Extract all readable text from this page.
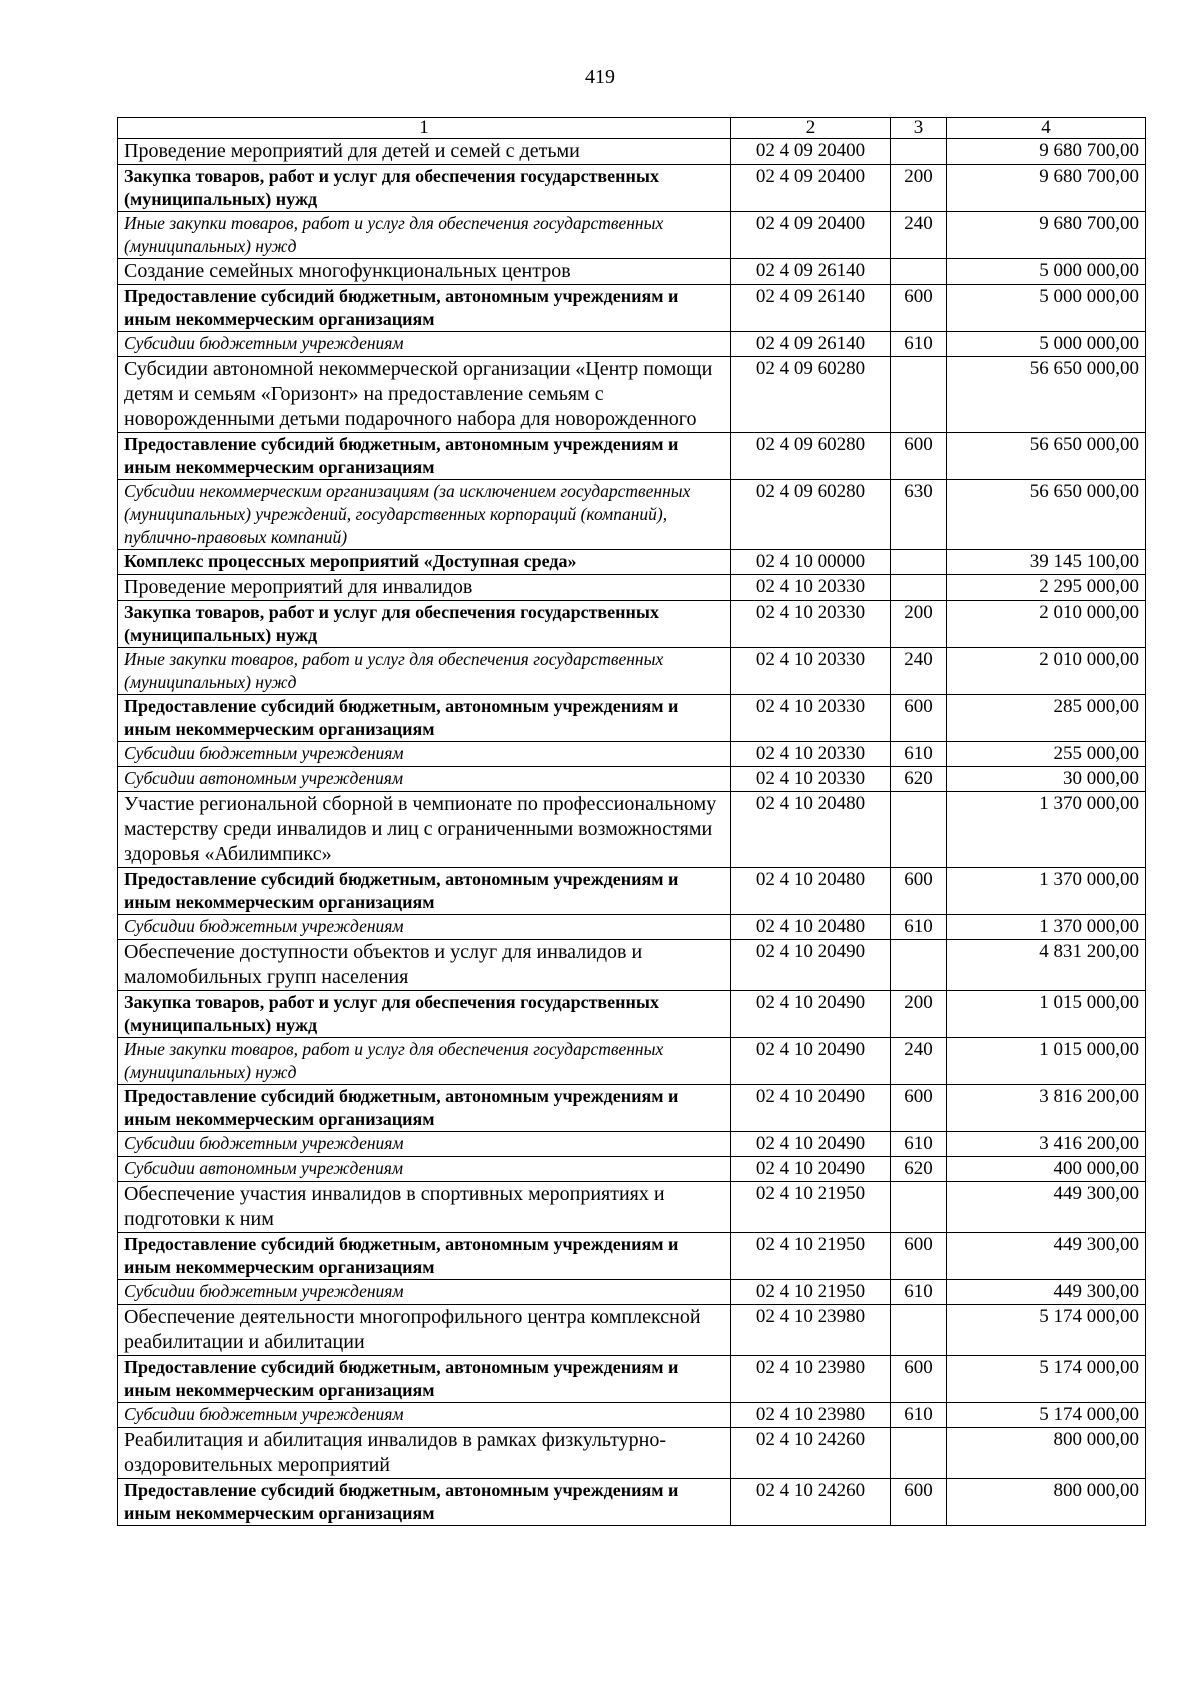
419
1	2	3	4
Проведение мероприятий для детей и семей с детьми	02 4 09 20400		9 680 700,00
Закупка товаров, работ и услуг для обеспечения государственных (муниципальных) нужд	02 4 09 20400	200	9 680 700,00
Иные закупки товаров, работ и услуг для обеспечения государственных (муниципальных) нужд	02 4 09 20400	240	9 680 700,00
Создание семейных многофункциональных центров	02 4 09 26140		5 000 000,00
Предоставление субсидий бюджетным, автономным учреждениям и иным некоммерческим организациям	02 4 09 26140	600	5 000 000,00
Субсидии бюджетным учреждениям	02 4 09 26140	610	5 000 000,00
Субсидии автономной некоммерческой организации «Центр помощи детям и семьям «Горизонт» на предоставление семьям с новорожденными детьми подарочного набора для новорожденного	02 4 09 60280		56 650 000,00
Предоставление субсидий бюджетным, автономным учреждениям и иным некоммерческим организациям	02 4 09 60280	600	56 650 000,00
Субсидии некоммерческим организациям (за исключением государственных (муниципальных) учреждений, государственных корпораций (компаний), публично-правовых компаний)	02 4 09 60280	630	56 650 000,00
Комплекс процессных мероприятий «Доступная среда»	02 4 10 00000		39 145 100,00
Проведение мероприятий для инвалидов	02 4 10 20330		2 295 000,00
Закупка товаров, работ и услуг для обеспечения государственных (муниципальных) нужд	02 4 10 20330	200	2 010 000,00
Иные закупки товаров, работ и услуг для обеспечения государственных (муниципальных) нужд	02 4 10 20330	240	2 010 000,00
Предоставление субсидий бюджетным, автономным учреждениям и иным некоммерческим организациям	02 4 10 20330	600	285 000,00
Субсидии бюджетным учреждениям	02 4 10 20330	610	255 000,00
Субсидии автономным учреждениям	02 4 10 20330	620	30 000,00
Участие региональной сборной в чемпионате по профессиональному мастерству среди инвалидов и лиц с ограниченными возможностями здоровья «Абилимпикс»	02 4 10 20480		1 370 000,00
Предоставление субсидий бюджетным, автономным учреждениям и иным некоммерческим организациям	02 4 10 20480	600	1 370 000,00
Субсидии бюджетным учреждениям	02 4 10 20480	610	1 370 000,00
Обеспечение доступности объектов и услуг для инвалидов и маломобильных групп населения	02 4 10 20490		4 831 200,00
Закупка товаров, работ и услуг для обеспечения государственных (муниципальных) нужд	02 4 10 20490	200	1 015 000,00
Иные закупки товаров, работ и услуг для обеспечения государственных (муниципальных) нужд	02 4 10 20490	240	1 015 000,00
Предоставление субсидий бюджетным, автономным учреждениям и иным некоммерческим организациям	02 4 10 20490	600	3 816 200,00
Субсидии бюджетным учреждениям	02 4 10 20490	610	3 416 200,00
Субсидии автономным учреждениям	02 4 10 20490	620	400 000,00
Обеспечение участия инвалидов в спортивных мероприятиях и подготовки к ним	02 4 10 21950		449 300,00
Предоставление субсидий бюджетным, автономным учреждениям и иным некоммерческим организациям	02 4 10 21950	600	449 300,00
Субсидии бюджетным учреждениям	02 4 10 21950	610	449 300,00
Обеспечение деятельности многопрофильного центра комплексной реабилитации и абилитации	02 4 10 23980		5 174 000,00
Предоставление субсидий бюджетным, автономным учреждениям и иным некоммерческим организациям	02 4 10 23980	600	5 174 000,00
Субсидии бюджетным учреждениям	02 4 10 23980	610	5 174 000,00
Реабилитация и абилитация инвалидов в рамках физкультурно-оздоровительных мероприятий	02 4 10 24260		800 000,00
Предоставление субсидий бюджетным, автономным учреждениям и иным некоммерческим организациям	02 4 10 24260	600	800 000,00
